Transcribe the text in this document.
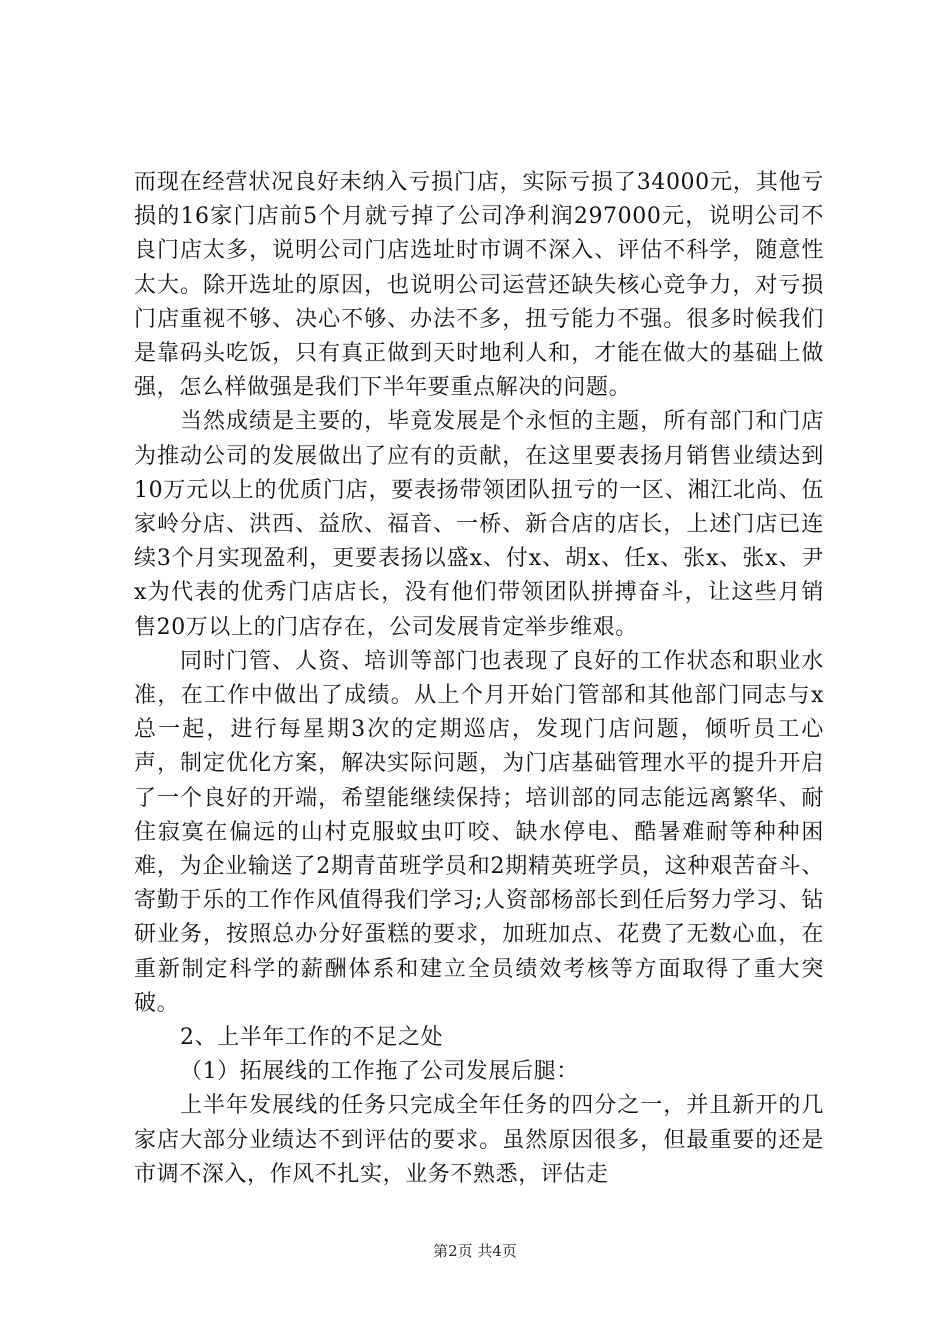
而现在经营状况良好未纳入亏损门店，实际亏损了34000元，其他亏损的16家门店前5个月就亏掉了公司净利润297000元，说明公司不良门店太多，说明公司门店选址时市调不深入、评估不科学，随意性太大。除开选址的原因，也说明公司运营还缺失核心竞争力，对亏损门店重视不够、决心不够、办法不多，扭亏能力不强。很多时候我们是靠码头吃饭，只有真正做到天时地利人和，才能在做大的基础上做强，怎么样做强是我们下半年要重点解决的问题。

当然成绩是主要的，毕竟发展是个永恒的主题，所有部门和门店为推动公司的发展做出了应有的贡献，在这里要表扬月销售业绩达到10万元以上的优质门店，要表扬带领团队扭亏的一区、湘江北尚、伍家岭分店、洪西、益欣、福音、一桥、新合店的店长，上述门店已连续3个月实现盈利，更要表扬以盛x、付x、胡x、任x、张x、张x、尹x为代表的优秀门店店长，没有他们带领团队拼搏奋斗，让这些月销售20万以上的门店存在，公司发展肯定举步维艰。

同时门管、人资、培训等部门也表现了良好的工作状态和职业水准，在工作中做出了成绩。从上个月开始门管部和其他部门同志与x总一起，进行每星期3次的定期巡店，发现门店问题，倾听员工心声，制定优化方案，解决实际问题，为门店基础管理水平的提升开启了一个良好的开端，希望能继续保持；培训部的同志能远离繁华、耐住寂寞在偏远的山村克服蚊虫叮咬、缺水停电、酷暑难耐等种种困难，为企业输送了2期青苗班学员和2期精英班学员，这种艰苦奋斗、寄勤于乐的工作作风值得我们学习;人资部杨部长到任后努力学习、钻研业务，按照总办分好蛋糕的要求，加班加点、花费了无数心血，在重新制定科学的薪酬体系和建立全员绩效考核等方面取得了重大突破。

2、上半年工作的不足之处

（1）拓展线的工作拖了公司发展后腿：

上半年发展线的任务只完成全年任务的四分之一，并且新开的几家店大部分业绩达不到评估的要求。虽然原因很多，但最重要的还是市调不深入，作风不扎实，业务不熟悉，评估走

第2页 共4页
